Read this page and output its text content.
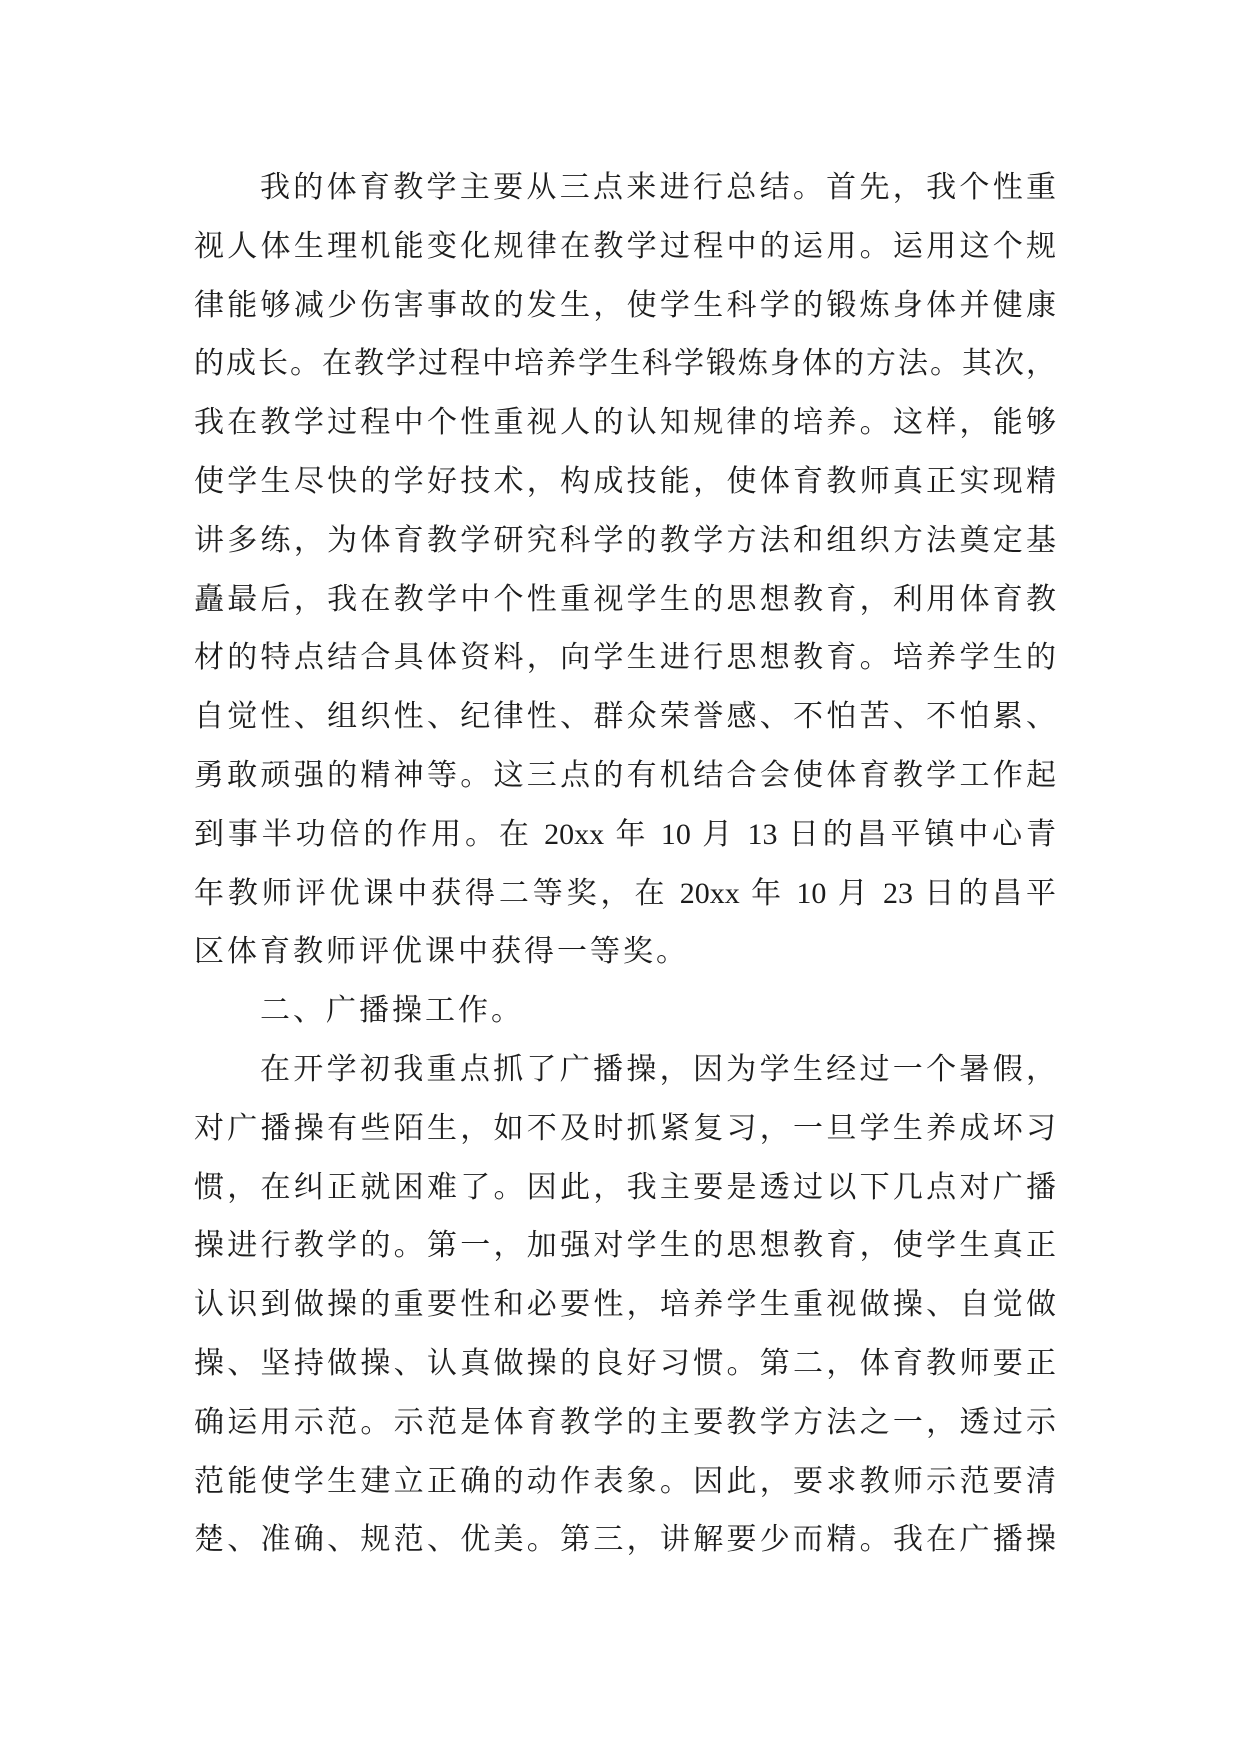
我的体育教学主要从三点来进行总结。首先，我个性重
视人体生理机能变化规律在教学过程中的运用。运用这个规
律能够减少伤害事故的发生，使学生科学的锻炼身体并健康
的成长。在教学过程中培养学生科学锻炼身体的方法。其次，
我在教学过程中个性重视人的认知规律的培养。这样，能够
使学生尽快的学好技术，构成技能，使体育教师真正实现精
讲多练，为体育教学研究科学的教学方法和组织方法奠定基
矗最后，我在教学中个性重视学生的思想教育，利用体育教
材的特点结合具体资料，向学生进行思想教育。培养学生的
自觉性、组织性、纪律性、群众荣誉感、不怕苦、不怕累、
勇敢顽强的精神等。这三点的有机结合会使体育教学工作起
到事半功倍的作用。在 20xx 年 10 月 13 日的昌平镇中心青
年教师评优课中获得二等奖，在 20xx 年 10 月 23 日的昌平
区体育教师评优课中获得一等奖。
二、广播操工作。
在开学初我重点抓了广播操，因为学生经过一个暑假，
对广播操有些陌生，如不及时抓紧复习，一旦学生养成坏习
惯，在纠正就困难了。因此，我主要是透过以下几点对广播
操进行教学的。第一，加强对学生的思想教育，使学生真正
认识到做操的重要性和必要性，培养学生重视做操、自觉做
操、坚持做操、认真做操的良好习惯。第二，体育教师要正
确运用示范。示范是体育教学的主要教学方法之一，透过示
范能使学生建立正确的动作表象。因此，要求教师示范要清
楚、准确、规范、优美。第三，讲解要少而精。我在广播操
